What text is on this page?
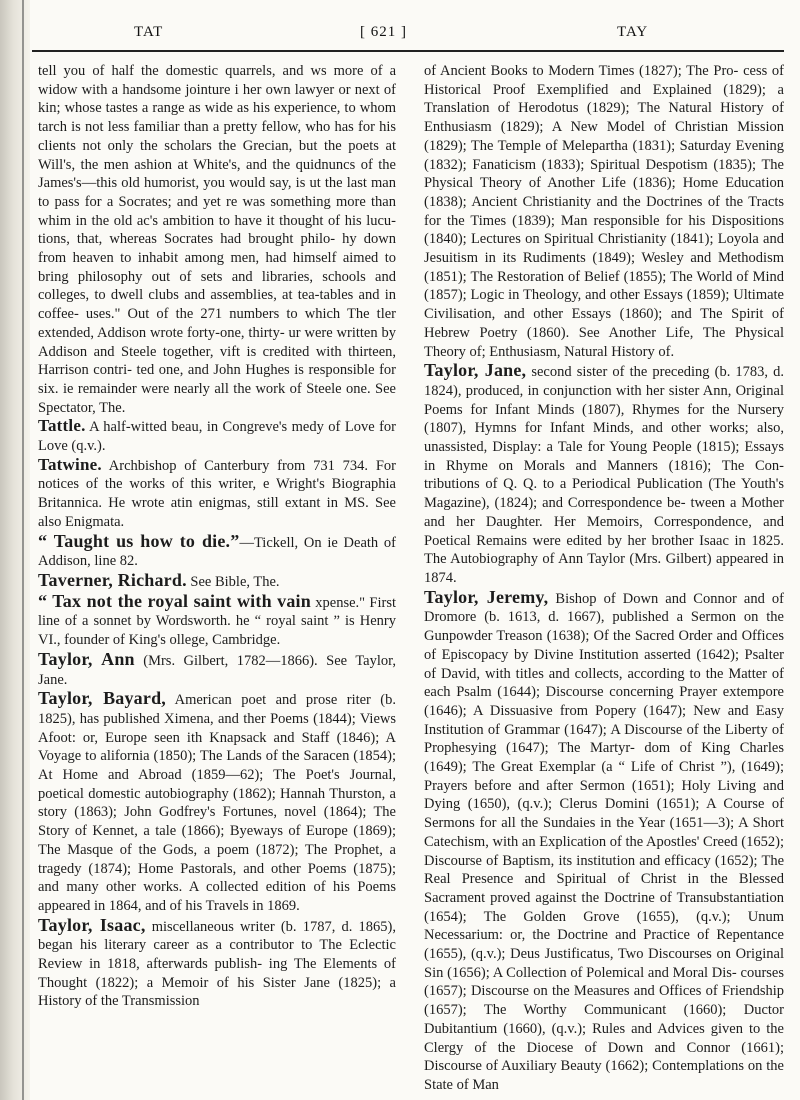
TAT	[ 621 ]	TAY

tell you of half the domestic quarrels, and ws more of a widow with a handsome jointure i her own lawyer or next of kin; whose tastes a range as wide as his experience, to whom tarch is not less familiar than a pretty fellow, who has for his clients not only the scholars the Grecian, but the poets at Will's, the men ashion at White's, and the quidnuncs of the James's—this old humorist, you would say, is ut the last man to pass for a Socrates; and yet re was something more than whim in the old ac's ambition to have it thought of his lucu- tions, that, whereas Socrates had brought philo- hy down from heaven to inhabit among men, had himself aimed to bring philosophy out of sets and libraries, schools and colleges, to dwell clubs and assemblies, at tea-tables and in coffee- uses." Out of the 271 numbers to which The tler extended, Addison wrote forty-one, thirty- ur were written by Addison and Steele together, vift is credited with thirteen, Harrison contri- ted one, and John Hughes is responsible for six. ie remainder were nearly all the work of Steele one. See Spectator, The.

Tattle. A half-witted beau, in Congreve's medy of Love for Love (q.v.).

Tatwine. Archbishop of Canterbury from 731 734. For notices of the works of this writer, e Wright's Biographia Britannica. He wrote atin enigmas, still extant in MS. See also Enigmata.

“ Taught us how to die.”—Tickell, On ie Death of Addison, line 82.

Taverner, Richard. See Bible, The.

“ Tax not the royal saint with vain xpense." First line of a sonnet by Wordsworth. he “ royal saint ” is Henry VI., founder of King's ollege, Cambridge.

Taylor, Ann (Mrs. Gilbert, 1782—1866). See Taylor, Jane.

Taylor, Bayard, American poet and prose riter (b. 1825), has published Ximena, and ther Poems (1844); Views Afoot: or, Europe seen ith Knapsack and Staff (1846); A Voyage to alifornia (1850); The Lands of the Saracen (1854); At Home and Abroad (1859—62); The Poet's Journal, poetical domestic autobiography (1862); Hannah Thurston, a story (1863); John Godfrey's Fortunes, novel (1864); The Story of Kennet, a tale (1866); Byeways of Europe (1869); The Masque of the Gods, a poem (1872); The Prophet, a tragedy (1874); Home Pastorals, and other Poems (1875); and many other works. A collected edition of his Poems appeared in 1864, and of his Travels in 1869.

Taylor, Isaac, miscellaneous writer (b. 1787, d. 1865), began his literary career as a contributor to The Eclectic Review in 1818, afterwards publish- ing The Elements of Thought (1822); a Memoir of his Sister Jane (1825); a History of the Transmission

of Ancient Books to Modern Times (1827); The Pro- cess of Historical Proof Exemplified and Explained (1829); a Translation of Herodotus (1829); The Natural History of Enthusiasm (1829); A New Model of Christian Mission (1829); The Temple of Melepartha (1831); Saturday Evening (1832); Fanaticism (1833); Spiritual Despotism (1835); The Physical Theory of Another Life (1836); Home Education (1838); Ancient Christianity and the Doctrines of the Tracts for the Times (1839); Man responsible for his Dispositions (1840); Lectures on Spiritual Christianity (1841); Loyola and Jesuitism in its Rudiments (1849); Wesley and Methodism (1851); The Restoration of Belief (1855); The World of Mind (1857); Logic in Theology, and other Essays (1859); Ultimate Civilisation, and other Essays (1860); and The Spirit of Hebrew Poetry (1860). See Another Life, The Physical Theory of; Enthusiasm, Natural History of.

Taylor, Jane, second sister of the preceding (b. 1783, d. 1824), produced, in conjunction with her sister Ann, Original Poems for Infant Minds (1807), Rhymes for the Nursery (1807), Hymns for Infant Minds, and other works; also, unassisted, Display: a Tale for Young People (1815); Essays in Rhyme on Morals and Manners (1816); The Con- tributions of Q. Q. to a Periodical Publication (The Youth's Magazine), (1824); and Correspondence be- tween a Mother and her Daughter. Her Memoirs, Correspondence, and Poetical Remains were edited by her brother Isaac in 1825. The Autobiography of Ann Taylor (Mrs. Gilbert) appeared in 1874.

Taylor, Jeremy, Bishop of Down and Connor and of Dromore (b. 1613, d. 1667), published a Sermon on the Gunpowder Treason (1638); Of the Sacred Order and Offices of Episcopacy by Divine Institution asserted (1642); Psalter of David, with titles and collects, according to the Matter of each Psalm (1644); Discourse concerning Prayer extempore (1646); A Dissuasive from Popery (1647); New and Easy Institution of Grammar (1647); A Discourse of the Liberty of Prophesying (1647); The Martyr- dom of King Charles (1649); The Great Exemplar (a “ Life of Christ ”), (1649); Prayers before and after Sermon (1651); Holy Living and Dying (1650), (q.v.); Clerus Domini (1651); A Course of Sermons for all the Sundaies in the Year (1651—3); A Short Catechism, with an Explication of the Apostles' Creed (1652); Discourse of Baptism, its institution and efficacy (1652); The Real Presence and Spiritual of Christ in the Blessed Sacrament proved against the Doctrine of Transubstantiation (1654); The Golden Grove (1655), (q.v.); Unum Necessarium: or, the Doctrine and Practice of Repentance (1655), (q.v.); Deus Justificatus, Two Discourses on Original Sin (1656); A Collection of Polemical and Moral Dis- courses (1657); Discourse on the Measures and Offices of Friendship (1657); The Worthy Communicant (1660); Ductor Dubitantium (1660), (q.v.); Rules and Advices given to the Clergy of the Diocese of Down and Connor (1661); Discourse of Auxiliary Beauty (1662); Contemplations on the State of Man
